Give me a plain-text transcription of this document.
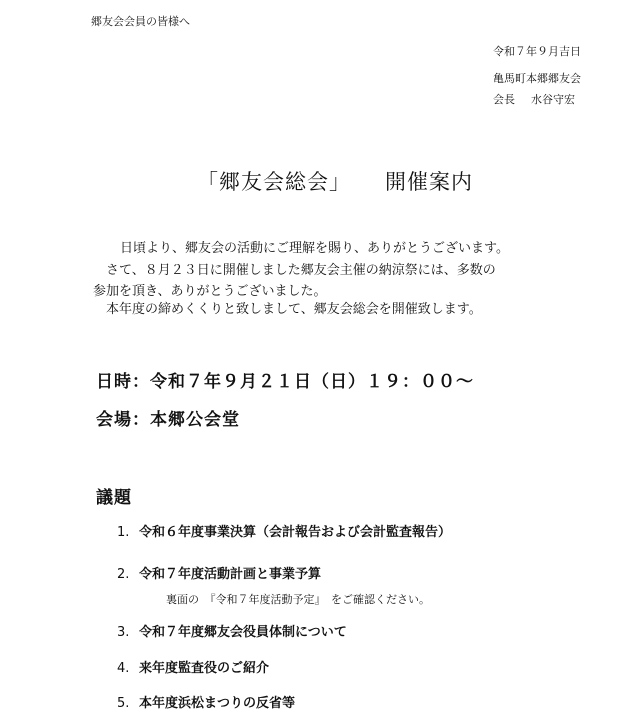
郷友会会員の皆様へ
令和７年９月吉日
亀馬町本郷郷友会
会長 水谷守宏
「郷友会総会」 開催案内
日頃より、郷友会の活動にご理解を賜り、ありがとうございます。
さて、８月２３日に開催しました郷友会主催の納涼祭には、多数の
参加を頂き、ありがとうございました。
本年度の締めくくりと致しまして、郷友会総会を開催致します。
日時：令和７年９月２１日（日）１９：００～
会場：本郷公会堂
議題
1. 令和６年度事業決算（会計報告および会計監査報告）
2. 令和７年度活動計画と事業予算
裏面の　『令和７年度活動予定』　をご確認ください。
3. 令和７年度郷友会役員体制について
4. 来年度監査役のご紹介
5. 本年度浜松まつりの反省等
